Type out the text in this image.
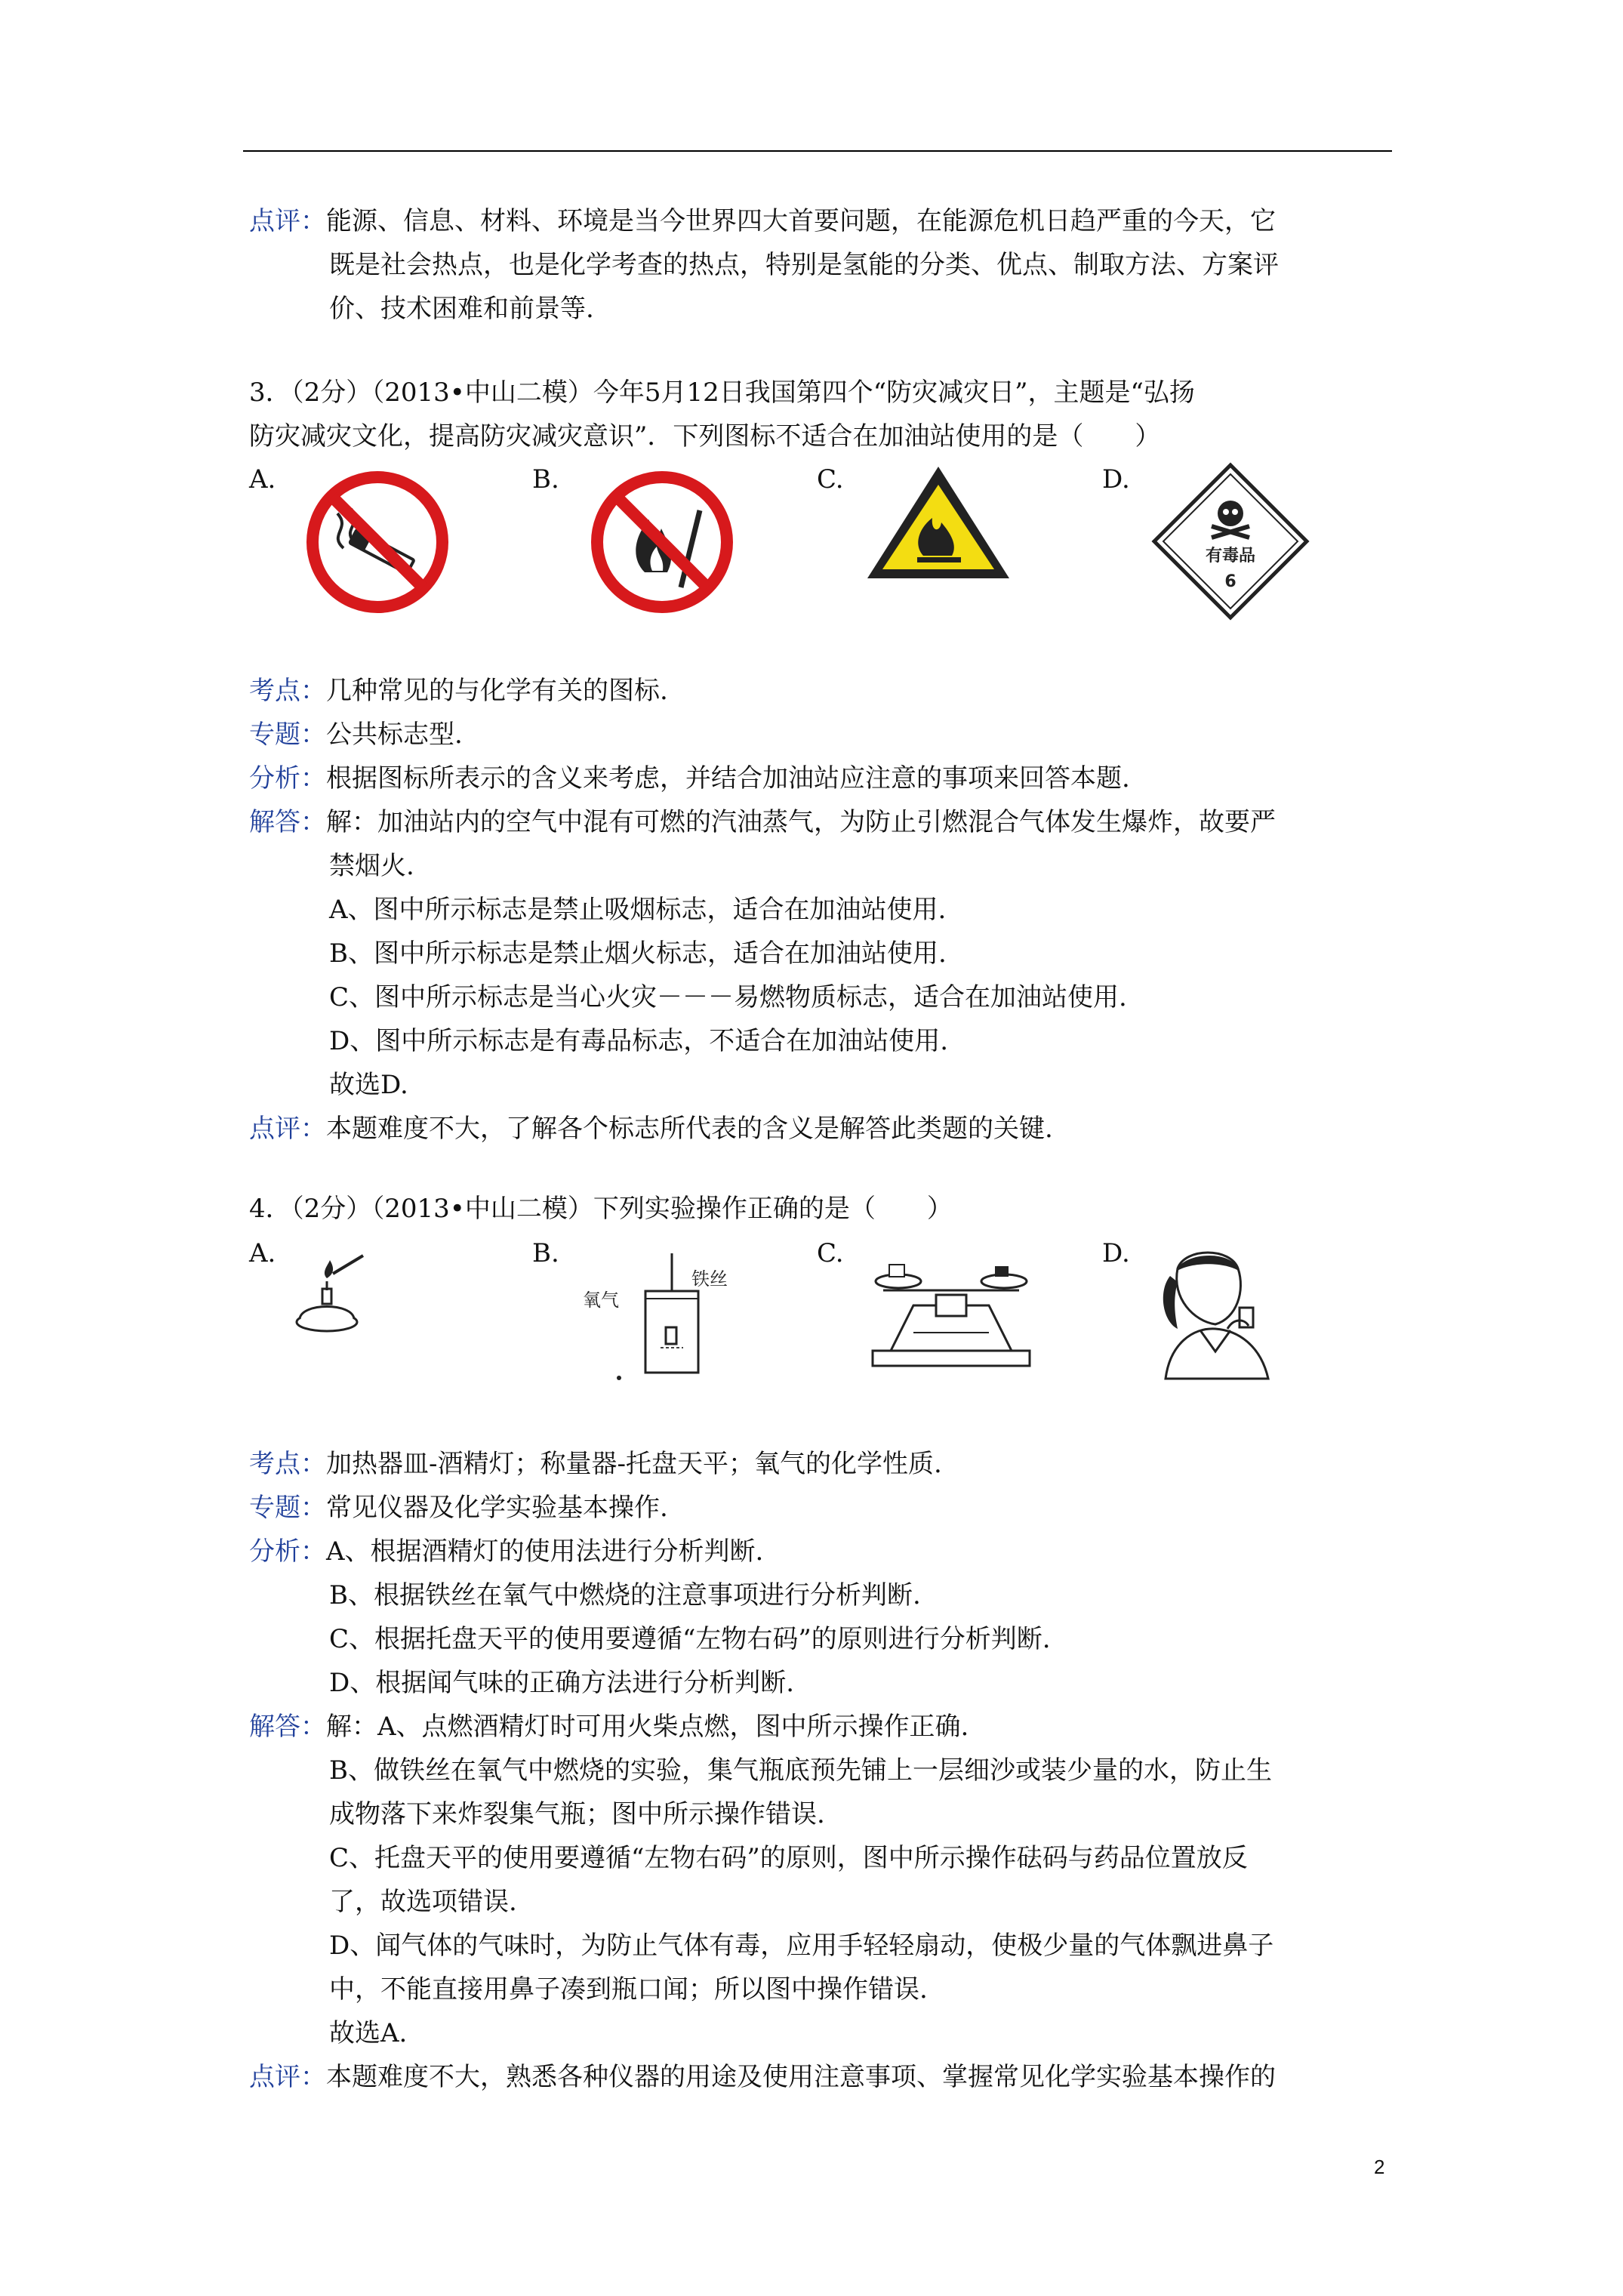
点评：能源、信息、材料、环境是当今世界四大首要问题，在能源危机日趋严重的今天，它
既是社会热点，也是化学考查的热点，特别是氢能的分类、优点、制取方法、方案评
价、技术困难和前景等.
3．（2分）（2013•中山二模）今年5月12日我国第四个“防灾减灾日”，主题是“弘扬
防灾减灾文化，提高防灾减灾意识”．下列图标不适合在加油站使用的是（　　）
A.	B.	C.	D.
有毒品
6
考点：几种常见的与化学有关的图标.
专题：公共标志型.
分析：根据图标所表示的含义来考虑，并结合加油站应注意的事项来回答本题.
解答：解：加油站内的空气中混有可燃的汽油蒸气，为防止引燃混合气体发生爆炸，故要严
禁烟火.
A、图中所示标志是禁止吸烟标志，适合在加油站使用.
B、图中所示标志是禁止烟火标志，适合在加油站使用.
C、图中所示标志是当心火灾－－－易燃物质标志，适合在加油站使用.
D、图中所示标志是有毒品标志，不适合在加油站使用.
故选D.
点评：本题难度不大，了解各个标志所代表的含义是解答此类题的关键.
4．（2分）（2013•中山二模）下列实验操作正确的是（　　）
A.	B.	C.	D.
氧气
铁丝
考点：加热器皿-酒精灯；称量器-托盘天平；氧气的化学性质.
专题：常见仪器及化学实验基本操作.
分析：A、根据酒精灯的使用法进行分析判断.
B、根据铁丝在氧气中燃烧的注意事项进行分析判断.
C、根据托盘天平的使用要遵循“左物右码”的原则进行分析判断.
D、根据闻气味的正确方法进行分析判断.
解答：解：A、点燃酒精灯时可用火柴点燃，图中所示操作正确.
B、做铁丝在氧气中燃烧的实验，集气瓶底预先铺上一层细沙或装少量的水，防止生
成物落下来炸裂集气瓶；图中所示操作错误.
C、托盘天平的使用要遵循“左物右码”的原则，图中所示操作砝码与药品位置放反
了，故选项错误.
D、闻气体的气味时，为防止气体有毒，应用手轻轻扇动，使极少量的气体飘进鼻子
中，不能直接用鼻子凑到瓶口闻；所以图中操作错误.
故选A.
点评：本题难度不大，熟悉各种仪器的用途及使用注意事项、掌握常见化学实验基本操作的
2
